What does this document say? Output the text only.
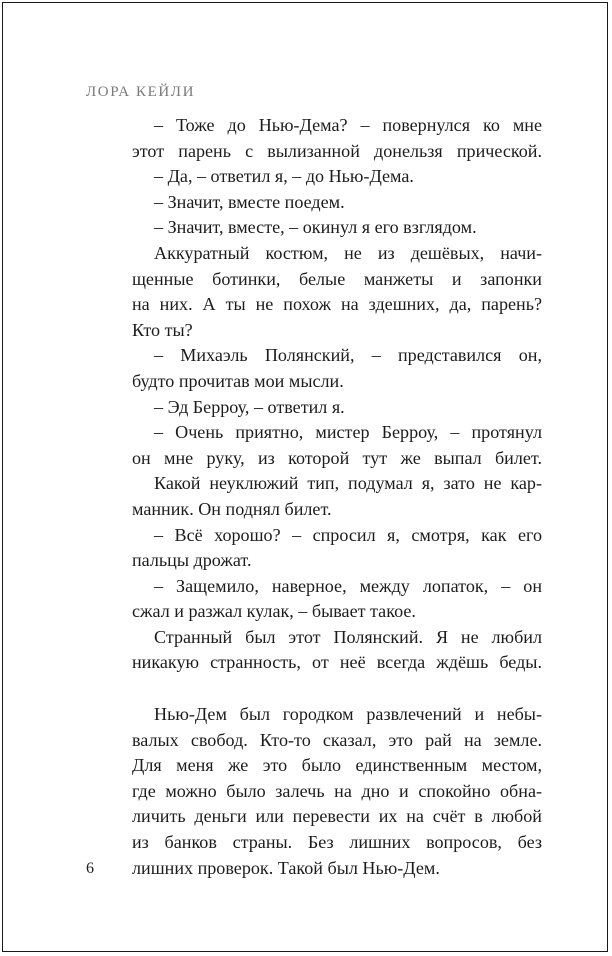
ЛОРА КЕЙЛИ
– Тоже до Нью-Дема? – повернулся ко мне
этот парень с вылизанной донельзя прической.
– Да, – ответил я, – до Нью-Дема.
– Значит, вместе поедем.
– Значит, вместе, – окинул я его взглядом.
Аккуратный костюм, не из дешёвых, начи-
щенные ботинки, белые манжеты и запонки
на них. А ты не похож на здешних, да, парень?
Кто ты?
– Михаэль Полянский, – представился он,
будто прочитав мои мысли.
– Эд Берроу, – ответил я.
– Очень приятно, мистер Берроу, – протянул
он мне руку, из которой тут же выпал билет.
Какой неуклюжий тип, подумал я, зато не кар-
манник. Он поднял билет.
– Всё хорошо? – спросил я, смотря, как его
пальцы дрожат.
– Защемило, наверное, между лопаток, – он
сжал и разжал кулак, – бывает такое.
Странный был этот Полянский. Я не любил
никакую странность, от неё всегда ждёшь беды.
Нью-Дем был городком развлечений и небы-
валых свобод. Кто-то сказал, это рай на земле.
Для меня же это было единственным местом,
где можно было залечь на дно и спокойно обна-
личить деньги или перевести их на счёт в любой
из банков страны. Без лишних вопросов, без
лишних проверок. Такой был Нью-Дем.
6
